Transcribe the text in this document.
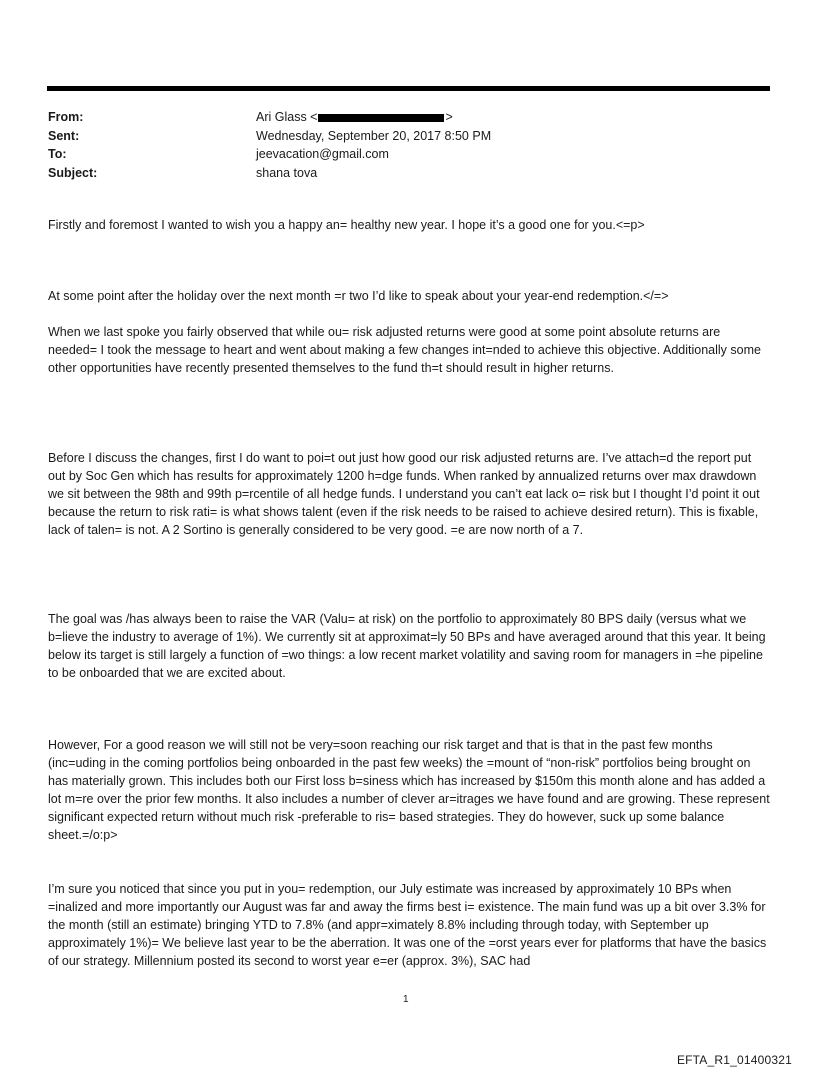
From:	Ari Glass <	>
Sent:	Wednesday, September 20, 2017 8:50 PM
To:	jeevacation@gmail.com
Subject:	shana tova

Firstly and foremost I wanted to wish you a happy an= healthy new year. I hope it’s a good one for you.<=p>

At some point after the holiday over the next month =r two I’d like to speak about your year-end redemption.</=>

When we last spoke you fairly observed that while ou= risk adjusted returns were good at some point absolute returns are needed= I took the message to heart and went about making a few changes int=nded to achieve this objective. Additionally some other opportunities have recently presented themselves to the fund th=t should result in higher returns.

Before I discuss the changes, first I do want to poi=t out just how good our risk adjusted returns are. I’ve attach=d the report put out by Soc Gen which has results for approximately 1200 h=dge funds. When ranked by annualized returns over max drawdown we sit between the 98th and 99th p=rcentile of all hedge funds. I understand you can’t eat lack o= risk but I thought I’d point it out because the return to risk rati= is what shows talent (even if the risk needs to be raised to achieve desired return). This is fixable, lack of talen= is not. A 2 Sortino is generally considered to be very good. =e are now north of a 7.

The goal was /has always been to raise the VAR (Valu= at risk) on the portfolio to approximately 80 BPS daily (versus what we b=lieve the industry to average of 1%). We currently sit at approximat=ly 50 BPs and have averaged around that this year. It being below its target is still largely a function of =wo things: a low recent market volatility and saving room for managers in =he pipeline to be onboarded that we are excited about.

However, For a good reason we will still not be very=soon reaching our risk target and that is that in the past few months (inc=uding in the coming portfolios being onboarded in the past few weeks) the =mount of “non-risk” portfolios being brought on has materially grown. This includes both our First loss b=siness which has increased by $150m this month alone and has added a lot m=re over the prior few months. It also includes a number of clever ar=itrages we have found and are growing. These represent significant expected return without much risk -preferable to ris= based strategies. They do however, suck up some balance sheet.=/o:p>

I’m sure you noticed that since you put in you= redemption, our July estimate was increased by approximately 10 BPs when =inalized and more importantly our August was far and away the firms best i= existence. The main fund was up a bit over 3.3% for the month (still an estimate) bringing YTD to 7.8% (and appr=ximately 8.8% including through today, with September up approximately 1%)= We believe last year to be the aberration. It was one of the =orst years ever for platforms that have the basics of our strategy. Millennium posted its second to worst year e=er (approx. 3%), SAC had

1
EFTA_R1_01400321
